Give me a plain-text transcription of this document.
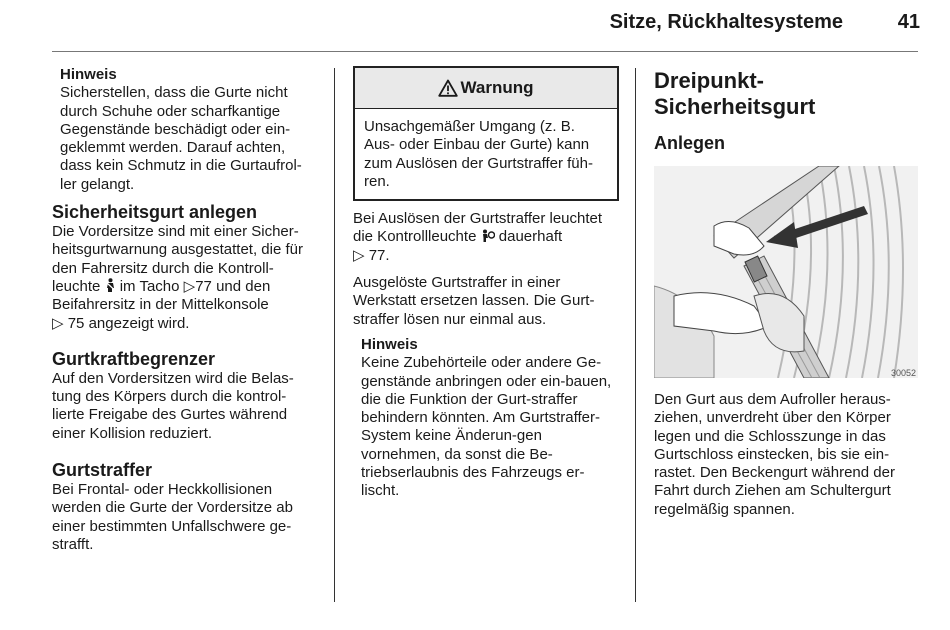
Sitze, Rückhaltesysteme	41

Hinweis

Sicherstellen, dass die Gurte nicht durch Schuhe oder scharfkantige Gegenstände beschädigt oder ein-geklemmt werden. Darauf achten, dass kein Schmutz in die Gurtaufrol-ler gelangt.

Sicherheitsgurt anlegen

Die Vordersitze sind mit einer Sicher-heitsgurtwarnung ausgestattet, die für den Fahrersitz durch die Kontroll-leuchte im Tacho ▷77 und den Beifahrersitz in der Mittelkonsole
▷ 75 angezeigt wird.

Gurtkraftbegrenzer

Auf den Vordersitzen wird die Belas-tung des Körpers durch die kontrol-lierte Freigabe des Gurtes während einer Kollision reduziert.

Gurtstraffer

Bei Frontal- oder Heckkollisionen werden die Gurte der Vordersitze ab einer bestimmten Unfallschwere ge-strafft.

Warnung

Unsachgemäßer Umgang (z. B. Aus- oder Einbau der Gurte) kann zum Auslösen der Gurtstraffer füh-ren.

Bei Auslösen der Gurtstraffer leuchtet die Kontrollleuchte dauerhaft
▷ 77.

Ausgelöste Gurtstraffer in einer Werkstatt ersetzen lassen. Die Gurt-straffer lösen nur einmal aus.

Hinweis

Keine Zubehörteile oder andere Ge-genstände anbringen oder ein-bauen, die die Funktion der Gurt-straffer behindern könnten. Am Gurtstraffer-System keine Änderun-gen vornehmen, da sonst die Be-triebserlaubnis des Fahrzeugs er-lischt.

Dreipunkt-Sicherheitsgurt
Anlegen
30052

Den Gurt aus dem Aufroller heraus-ziehen, unverdreht über den Körper legen und die Schlosszunge in das Gurtschloss einstecken, bis sie ein-rastet. Den Beckengurt während der Fahrt durch Ziehen am Schultergurt regelmäßig spannen.
